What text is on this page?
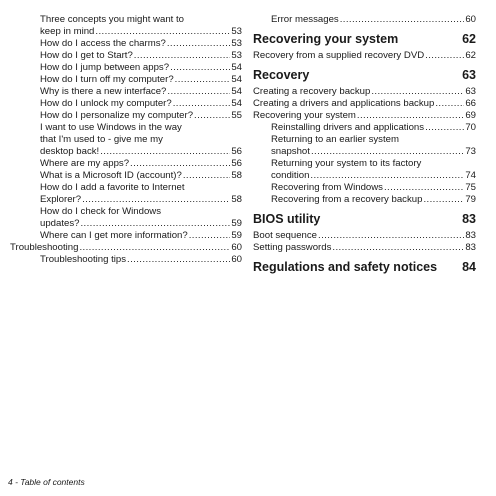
Three concepts you might want to
keep in mind .....	53
How do I access the charms? .....	53
How do I get to Start? .....	53
How do I jump between apps? .....	54
How do I turn off my computer? .....	54
Why is there a new interface? .....	54
How do I unlock my computer? .....	54
How do I personalize my computer? .....	55
I want to use Windows in the way
that I'm used to - give me my
desktop back! .....	56
Where are my apps? .....	56
What is a Microsoft ID (account)? .....	58
How do I add a favorite to Internet
Explorer? .....	58
How do I check for Windows
updates? .....	59
Where can I get more information? .....	59
Troubleshooting .....	60
Troubleshooting tips .....	60
Error messages .....	60
Recovering your system	62
Recovery from a supplied recovery DVD .....	62
Recovery	63
Creating a recovery backup .....	63
Creating a drivers and applications backup .....	66
Recovering your system .....	69
Reinstalling drivers and applications .....	70
Returning to an earlier system
snapshot .....	73
Returning your system to its factory
condition .....	74
Recovering from Windows .....	75
Recovering from a recovery backup .....	79
BIOS utility	83
Boot sequence .....	83
Setting passwords .....	83
Regulations and safety notices 84
4 - Table of contents
